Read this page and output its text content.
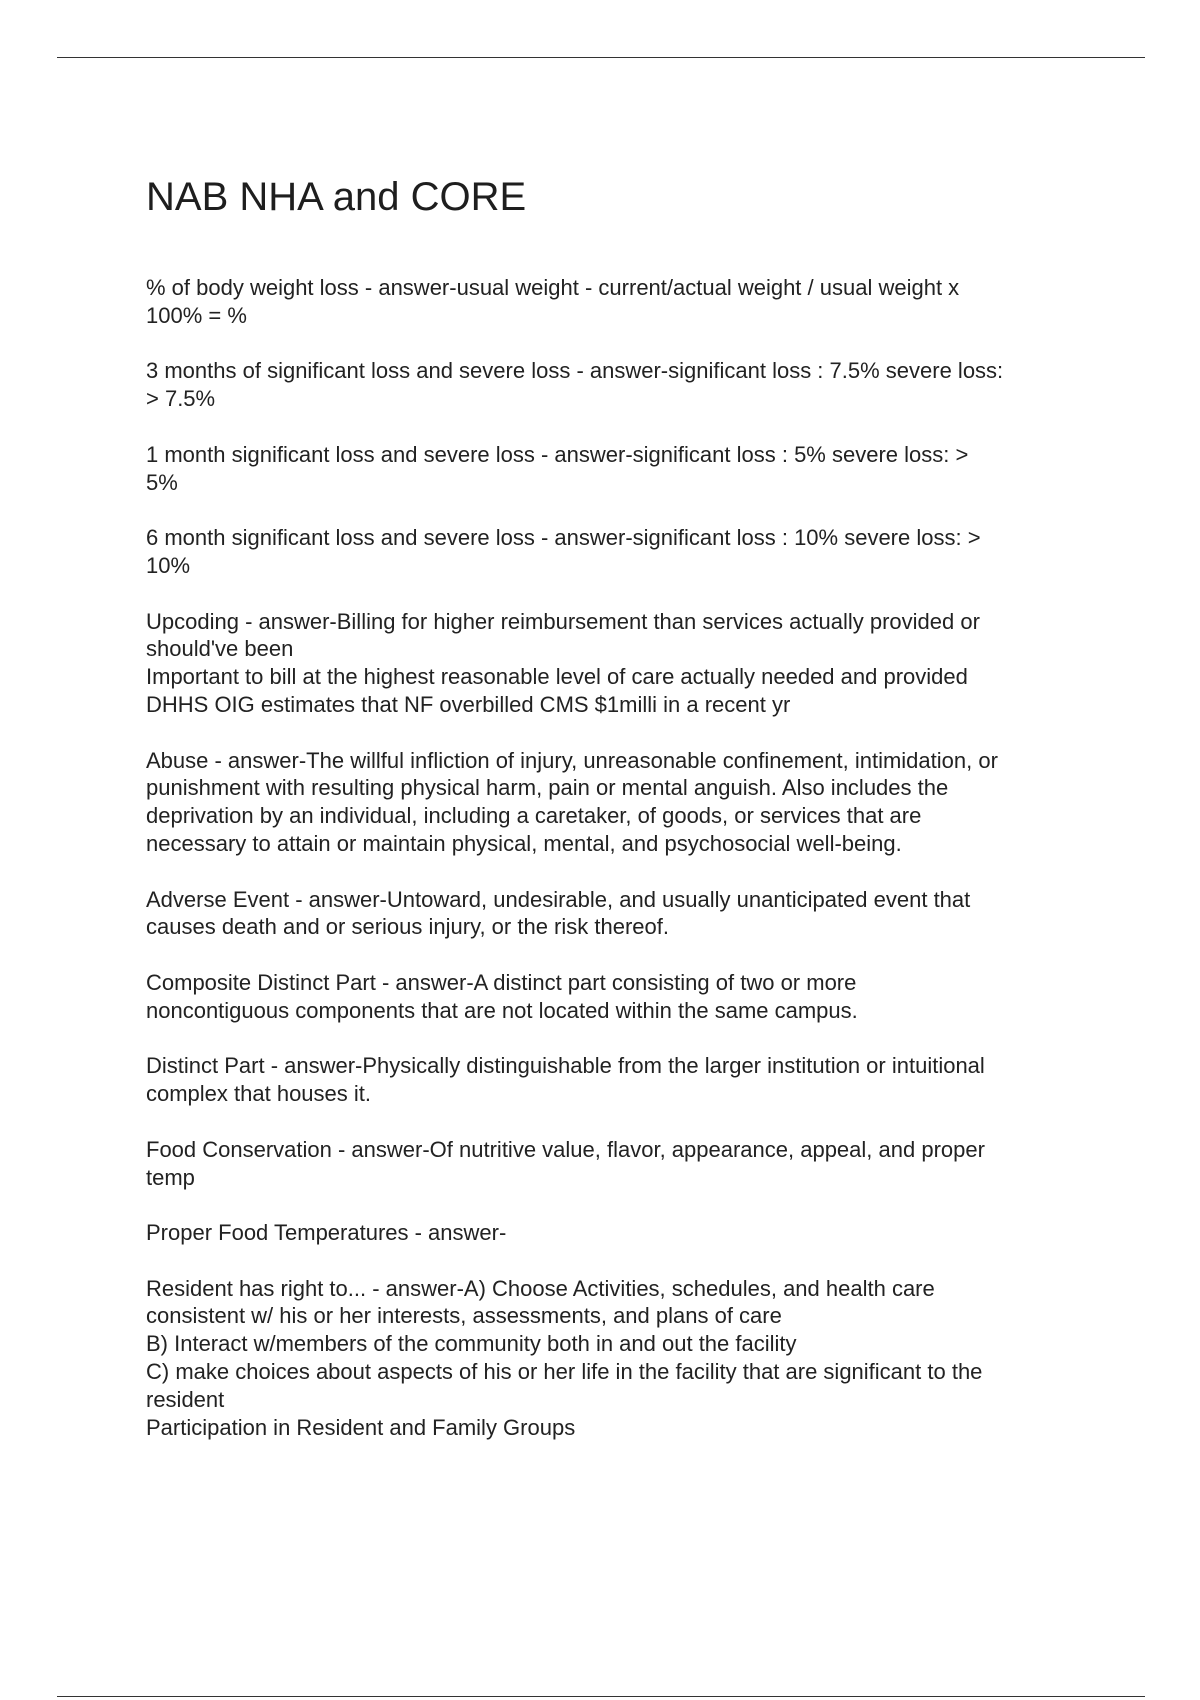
NAB NHA and CORE
% of body weight loss - answer-usual weight - current/actual weight / usual weight x
100% = %
3 months of significant loss and severe loss - answer-significant loss : 7.5% severe loss:
> 7.5%
1 month significant loss and severe loss - answer-significant loss : 5% severe loss: >
5%
6 month significant loss and severe loss - answer-significant loss : 10% severe loss: >
10%
Upcoding - answer-Billing for higher reimbursement than services actually provided or
should've been
Important to bill at the highest reasonable level of care actually needed and provided
DHHS OIG estimates that NF overbilled CMS $1milli in a recent yr
Abuse - answer-The willful infliction of injury, unreasonable confinement, intimidation, or
punishment with resulting physical harm, pain or mental anguish. Also includes the
deprivation by an individual, including a caretaker, of goods, or services that are
necessary to attain or maintain physical, mental, and psychosocial well-being.
Adverse Event - answer-Untoward, undesirable, and usually unanticipated event that
causes death and or serious injury, or the risk thereof.
Composite Distinct Part - answer-A distinct part consisting of two or more
noncontiguous components that are not located within the same campus.
Distinct Part - answer-Physically distinguishable from the larger institution or intuitional
complex that houses it.
Food Conservation - answer-Of nutritive value, flavor, appearance, appeal, and proper
temp
Proper Food Temperatures - answer-
Resident has right to... - answer-A) Choose Activities, schedules, and health care
consistent w/ his or her interests, assessments, and plans of care
B) Interact w/members of the community both in and out the facility
C) make choices about aspects of his or her life in the facility that are significant to the
resident
Participation in Resident and Family Groups
